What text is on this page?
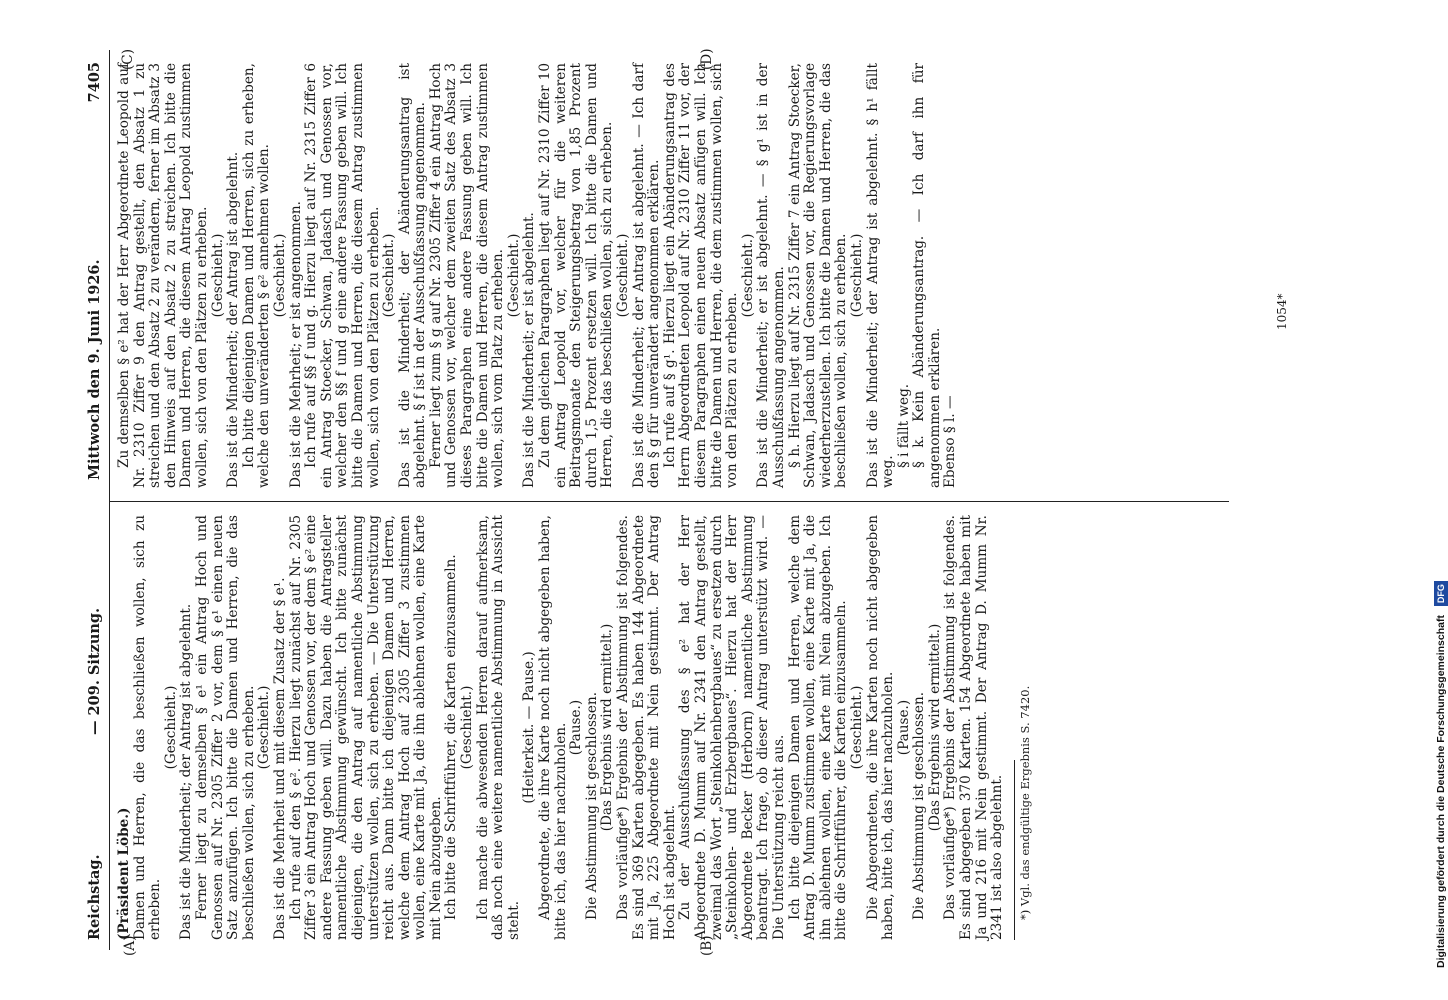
Reichstag.
— 209. Sitzung.
Mittwoch den 9. Juni 1926.
7405
(A)	(B)
(C)	(D)

(Präsident Löbe.) Damen und Herren, die das beschließen wollen, sich zu erheben.

(Geschieht.) Das ist die Minderheit; der Antrag ist abgelehnt. Ferner liegt zu demselben § e¹ ein Antrag Hoch und Genossen auf Nr. 2305 Ziffer 2 vor, dem § e¹ einen neuen Satz anzufügen. Ich bitte die Damen und Herren, die das beschließen wollen, sich zu erheben. (Geschieht.) Das ist die Mehrheit und mit diesem Zusatz der § e¹. Ich rufe auf den § e². Hierzu liegt zunächst auf Nr. 2305 Ziffer 3 ein Antrag Hoch und Genossen vor, der dem § e² eine andere Fassung geben will. Dazu haben die Antragsteller namentliche Abstimmung gewünscht. Ich bitte zunächst diejenigen, die den Antrag auf namentliche Abstimmung unterstützen wollen, sich zu erheben. — Die Unterstützung reicht aus. Dann bitte ich diejenigen Damen und Herren, welche dem Antrag Hoch auf 2305 Ziffer 3 zustimmen wollen, eine Karte mit Ja, die ihn ablehnen wollen, eine Karte mit Nein abzugeben. Ich bitte die Schriftführer, die Karten einzusammeln. (Geschieht.) Ich mache die abwesenden Herren darauf aufmerksam, daß noch eine weitere namentliche Abstimmung in Aussicht steht.

(Heiterkeit. — Pause.) Abgeordnete, die ihre Karte noch nicht abgegeben haben, bitte ich, das hier nachzuholen. (Pause.) Die Abstimmung ist geschlossen. (Das Ergebnis wird ermittelt.) Das vorläufige*) Ergebnis der Abstimmung ist folgendes. Es sind 369 Karten abgegeben. Es haben 144 Abgeordnete mit Ja, 225 Abgeordnete mit Nein gestimmt. Der Antrag Hoch ist abgelehnt. Zu der Ausschußfassung des § e² hat der Herr Abgeordnete D. Mumm auf Nr. 2341 den Antrag gestellt, zweimal das Wort „Steinkohlenbergbaues“ zu ersetzen durch „Steinkohlen- und Erzbergbaues“. Hierzu hat der Herr Abgeordnete Becker (Herborn) namentliche Abstimmung beantragt. Ich frage, ob dieser Antrag unterstützt wird. — Die Unterstützung reicht aus. Ich bitte diejenigen Damen und Herren, welche dem Antrag D. Mumm zustimmen wollen, eine Karte mit Ja, die ihn ablehnen wollen, eine Karte mit Nein abzugeben. Ich bitte die Schriftführer, die Karten einzusammeln. (Geschieht.) Die Abgeordneten, die ihre Karten noch nicht abgegeben haben, bitte ich, das hier nachzuholen. (Pause.) Die Abstimmung ist geschlossen. (Das Ergebnis wird ermittelt.) Das vorläufige*) Ergebnis der Abstimmung ist folgendes. Es sind abgegeben 370 Karten. 154 Abgeordnete haben mit Ja und 216 mit Nein gestimmt. Der Antrag D. Mumm Nr. 2341 ist also abgelehnt. *) Vgl. das endgültige Ergebnis S. 7420.

Zu demselben § e² hat der Herr Abgeordnete Leopold auf Nr. 2310 Ziffer 9 den Antrag gestellt, den Absatz 1 zu streichen und den Absatz 2 zu verändern, ferner im Absatz 3 den Hinweis auf den Absatz 2 zu streichen. Ich bitte die Damen und Herren, die diesem Antrag Leopold zustimmen wollen, sich von den Plätzen zu erheben. (Geschieht.) Das ist die Minderheit; der Antrag ist abgelehnt. Ich bitte diejenigen Damen und Herren, sich zu erheben, welche den unveränderten § e² annehmen wollen. (Geschieht.) Das ist die Mehrheit; er ist angenommen. Ich rufe auf §§ f und g. Hierzu liegt auf Nr. 2315 Ziffer 6 ein Antrag Stoecker, Schwan, Jadasch und Genossen vor, welcher den §§ f und g eine andere Fassung geben will. Ich bitte die Damen und Herren, die diesem Antrag zustimmen wollen, sich von den Plätzen zu erheben. (Geschieht.) Das ist die Minderheit; der Abänderungsantrag ist abgelehnt. § f ist in der Ausschußfassung angenommen. Ferner liegt zum § g auf Nr. 2305 Ziffer 4 ein Antrag Hoch und Genossen vor, welcher dem zweiten Satz des Absatz 3 dieses Paragraphen eine andere Fassung geben will. Ich bitte die Damen und Herren, die diesem Antrag zustimmen wollen, sich vom Platz zu erheben. (Geschieht.) Das ist die Minderheit; er ist abgelehnt. Zu dem gleichen Paragraphen liegt auf Nr. 2310 Ziffer 10 ein Antrag Leopold vor, welcher für die weiteren Beitragsmonate den Steigerungsbetrag von 1,85 Prozent durch 1,5 Prozent ersetzen will. Ich bitte die Damen und Herren, die das beschließen wollen, sich zu erheben. (Geschieht.) Das ist die Minderheit; der Antrag ist abgelehnt. — Ich darf den § g für unverändert angenommen erklären. Ich rufe auf § g¹. Hierzu liegt ein Abänderungsantrag des Herrn Abgeordneten Leopold auf Nr. 2310 Ziffer 11 vor, der diesem Paragraphen einen neuen Absatz anfügen will. Ich bitte die Damen und Herren, die dem zustimmen wollen, sich von den Plätzen zu erheben.

(Geschieht.) Das ist die Minderheit; er ist abgelehnt. — § g¹ ist in der Ausschußfassung angenommen. § h. Hierzu liegt auf Nr. 2315 Ziffer 7 ein Antrag Stoecker, Schwan, Jadasch und Genossen vor, die Regierungsvorlage wiederherzustellen. Ich bitte die Damen und Herren, die das beschließen wollen, sich zu erheben. (Geschieht.) Das ist die Minderheit; der Antrag ist abgelehnt. § h¹ fällt weg.

§ i fällt weg. § k. Kein Abänderungsantrag. — Ich darf ihn für angenommen erklären. Ebenso § l. —

1054*
Digitalisierung gefördert durch die Deutsche Forschungsgemeinschaft DFG
